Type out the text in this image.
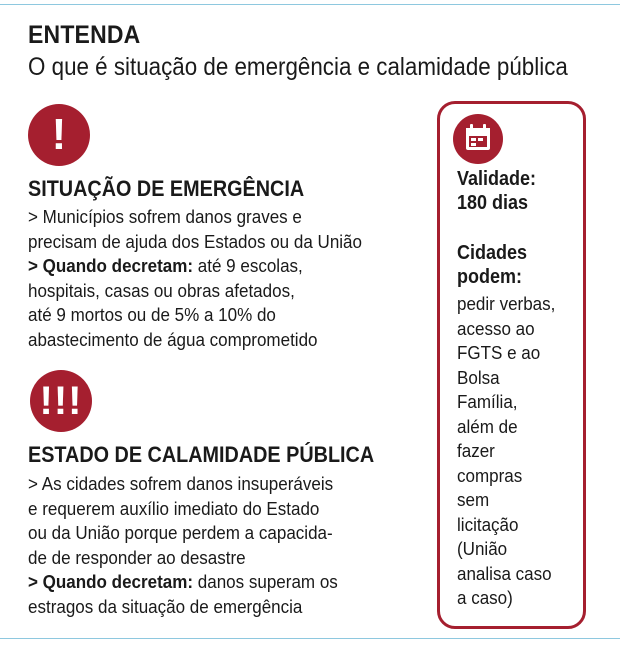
ENTENDA
O que é situação de emergência e calamidade pública
!
SITUAÇÃO DE EMERGÊNCIA
> Municípios sofrem danos graves e
precisam de ajuda dos Estados ou da União
> Quando decretam: até 9 escolas,
hospitais, casas ou obras afetados,
até 9 mortos ou de 5% a 10% do
abastecimento de água comprometido
!!!
ESTADO DE CALAMIDADE PÚBLICA
> As cidades sofrem danos insuperáveis
e requerem auxílio imediato do Estado
ou da União porque perdem a capacida-
de de responder ao desastre
> Quando decretam: danos superam os
estragos da situação de emergência
Validade:
180 dias
Cidades
podem:
pedir verbas,
acesso ao
FGTS e ao
Bolsa
Família,
além de
fazer
compras
sem
licitação
(União
analisa caso
a caso)
